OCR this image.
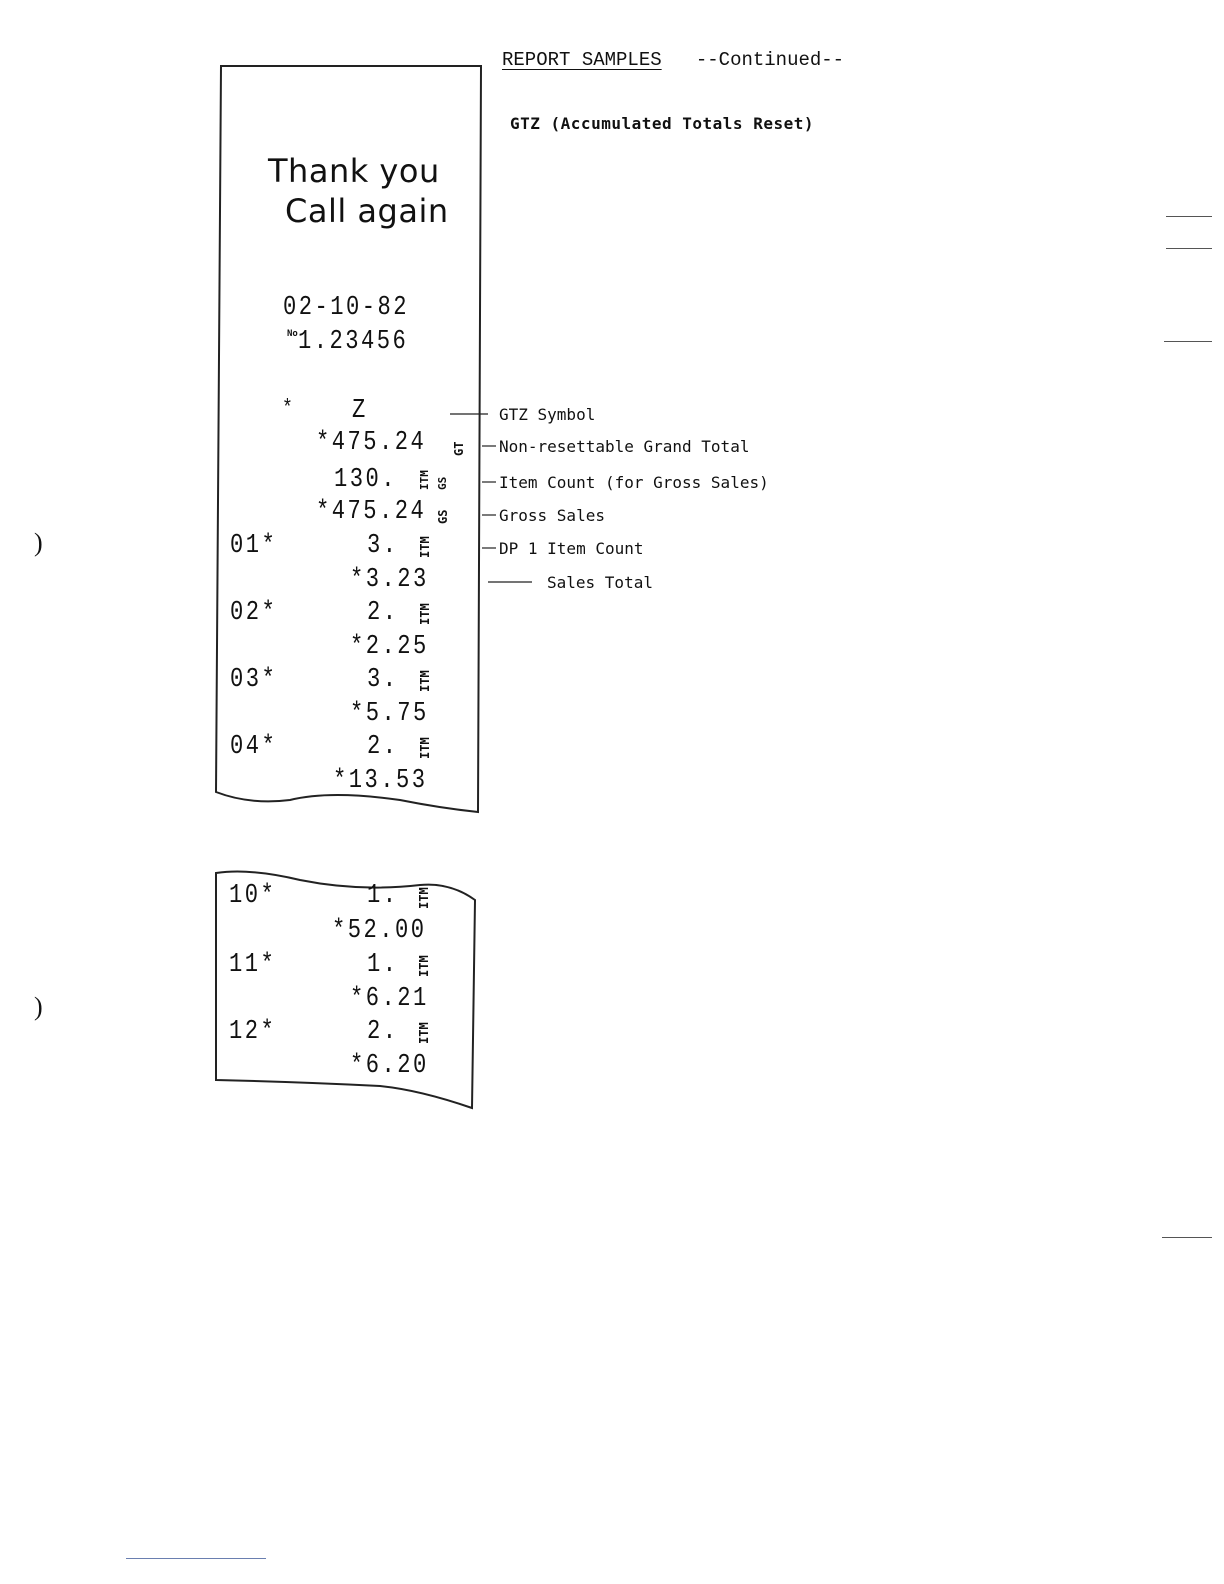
REPORT SAMPLES --Continued--
GTZ (Accumulated Totals Reset)
Thank you
Call again
02-10-82
No 1.23456
* Z
*475.24 GT
130. ITM GS
*475.24 GS
01*	3. ITM
*3.23
02*	2. ITM
*2.25
03*	3. ITM
*5.75
04*	2. ITM
*13.53
GTZ Symbol
Non-resettable Grand Total
Item Count (for Gross Sales)
Gross Sales
DP 1 Item Count
Sales Total
10*	1. ITM
*52.00
11*	1. ITM
*6.21
12*	2. ITM
*6.20
)
)
